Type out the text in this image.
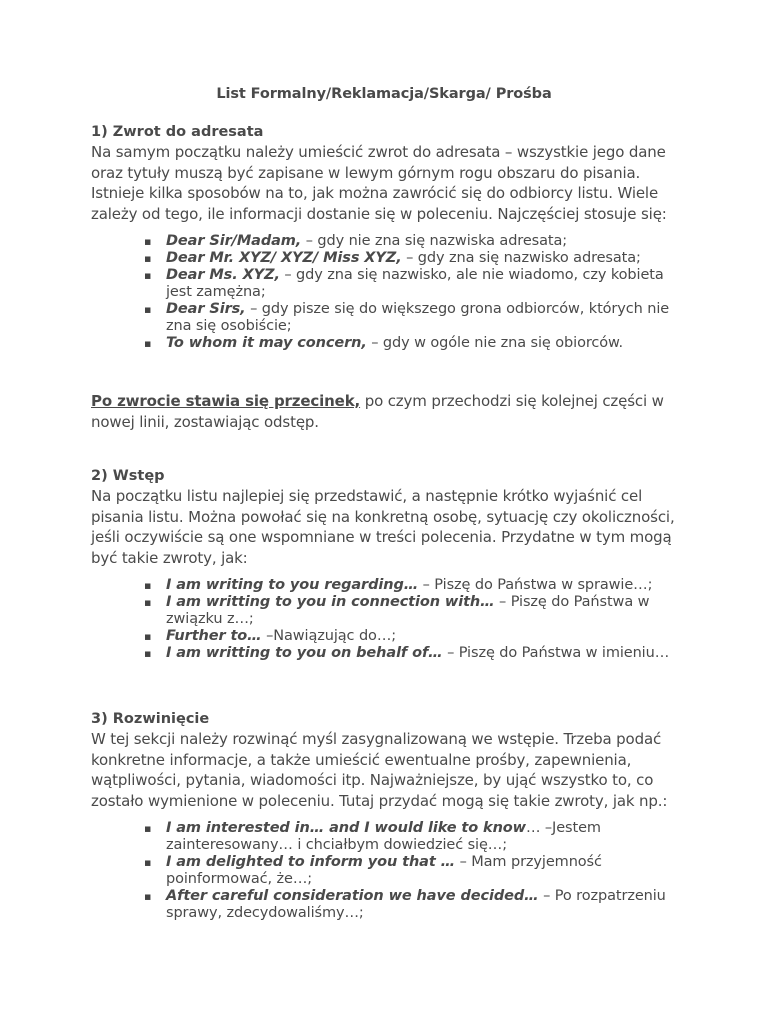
List Formalny/Reklamacja/Skarga/ Prośba

1) Zwrot do adresata

Na samym początku należy umieścić zwrot do adresata – wszystkie jego dane oraz tytuły muszą być zapisane w lewym górnym rogu obszaru do pisania. Istnieje kilka sposobów na to, jak można zawrócić się do odbiorcy listu. Wiele zależy od tego, ile informacji dostanie się w poleceniu. Najczęściej stosuje się:

▪ Dear Sir/Madam, – gdy nie zna się nazwiska adresata;
▪ Dear Mr. XYZ/ XYZ/ Miss XYZ, – gdy zna się nazwisko adresata;
▪ Dear Ms. XYZ, – gdy zna się nazwisko, ale nie wiadomo, czy kobieta jest zamężna;
▪ Dear Sirs, – gdy pisze się do większego grona odbiorców, których nie zna się osobiście;
▪ To whom it may concern, – gdy w ogóle nie zna się obiorców.

Po zwrocie stawia się przecinek, po czym przechodzi się kolejnej części w nowej linii, zostawiając odstęp.

2) Wstęp

Na początku listu najlepiej się przedstawić, a następnie krótko wyjaśnić cel pisania listu. Można powołać się na konkretną osobę, sytuację czy okoliczności, jeśli oczywiście są one wspomniane w treści polecenia. Przydatne w tym mogą być takie zwroty, jak:

▪ I am writing to you regarding… – Piszę do Państwa w sprawie…;
▪ I am writting to you in connection with… – Piszę do Państwa w związku z…;
▪ Further to… –Nawiązując do…;
▪ I am writting to you on behalf of… – Piszę do Państwa w imieniu…

3) Rozwinięcie

W tej sekcji należy rozwinąć myśl zasygnalizowaną we wstępie. Trzeba podać konkretne informacje, a także umieścić ewentualne prośby, zapewnienia, wątpliwości, pytania, wiadomości itp. Najważniejsze, by ująć wszystko to, co zostało wymienione w poleceniu. Tutaj przydać mogą się takie zwroty, jak np.:

▪ I am interested in… and I would like to know… –Jestem zainteresowany… i chciałbym dowiedzieć się…;
▪ I am delighted to inform you that … – Mam przyjemność poinformować, że…;
▪ After careful consideration we have decided… – Po rozpatrzeniu sprawy, zdecydowaliśmy…;
